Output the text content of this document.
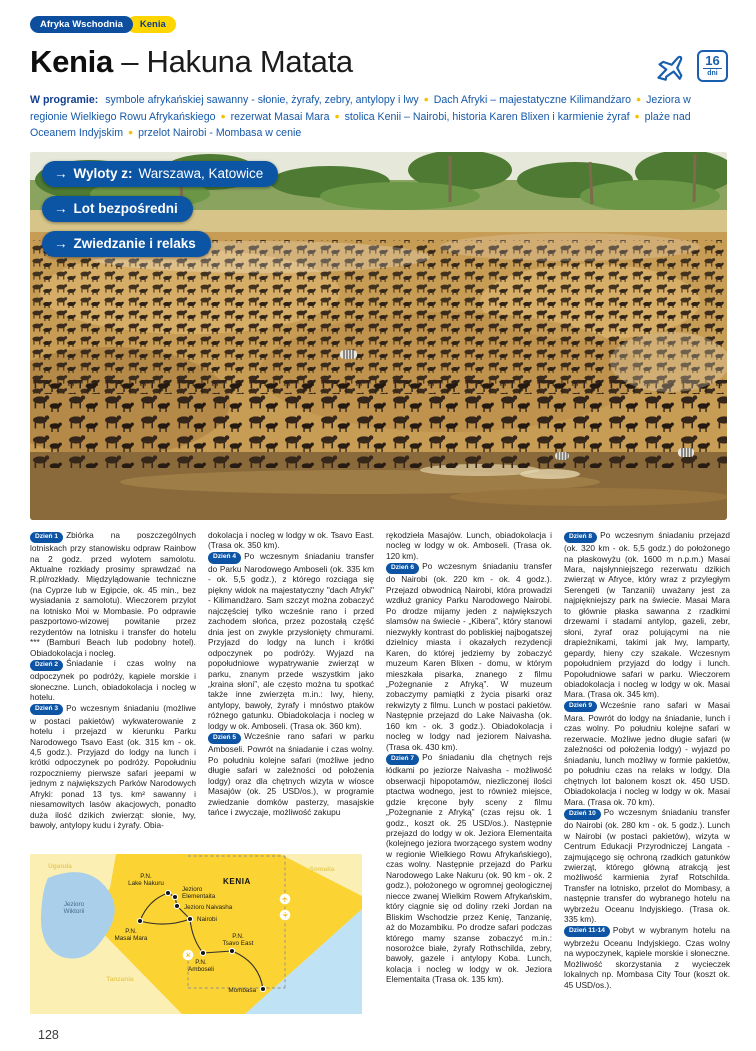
Afryka Wschodnia	Kenia
Kenia – Hakuna Matata	16
dni
W programie: symbole afrykańskiej sawanny - słonie, żyrafy, zebry, antylopy i lwy ● Dach Afryki – majestatyczne Kilimandżaro ● Jeziora w regionie Wielkiego Rowu Afrykańskiego ● rezerwat Masai Mara ● stolica Kenii – Nairobi, historia Karen Blixen i karmienie żyraf ● plaże nad Oceanem Indyjskim ● przelot Nairobi - Mombasa w cenie
→ Wyloty z: Warszawa, Katowice
→ Lot bezpośredni
→ Zwiedzanie i relaks

Dzień 1 Zbiórka na poszczególnych lotniskach przy stanowisku odpraw Rainbow na 2 godz. przed wylotem samolotu. Aktualne rozkłady prosimy sprawdzać na R.pl/rozkłady. Międzylądowanie techniczne (na Cyprze lub w Egipcie, ok. 45 min., bez wysiadania z samolotu). Wieczorem przylot na lotnisko Moi w Mombasie. Po odprawie paszportowo-wizowej powitanie przez rezydentów na lotnisku i transfer do hotelu *** (Bamburi Beach lub podobny hotel). Obiadokolacja i nocleg.

Dzień 2 Śniadanie i czas wolny na odpoczynek po podróży, kąpiele morskie i słoneczne. Lunch, obiadokolacja i nocleg w hotelu.

Dzień 3 Po wczesnym śniadaniu (możliwe w postaci pakietów) wykwaterowanie z hotelu i przejazd w kierunku Parku Narodowego Tsavo East (ok. 315 km - ok. 4,5 godz.). Przyjazd do lodgy na lunch i krótki odpoczynek po podróży. Popołudniu rozpoczniemy pierwsze safari jeepami w jednym z największych Parków Narodowych Afryki: ponad 13 tys. km² sawanny i niesamowitych lasów akacjowych, ponadto duża ilość dzikich zwierząt: słonie, lwy, bawoły, antylopy kudu i żyrafy. Obia-

dokolacja i nocleg w lodgy w ok. Tsavo East. (Trasa ok. 350 km).

Dzień 4 Po wczesnym śniadaniu transfer do Parku Narodowego Amboseli (ok. 335 km - ok. 5,5 godz.), z którego rozciąga się piękny widok na majestatyczny "dach Afryki" - Kilimandżaro. Sam szczyt można zobaczyć najczęściej tylko wcześnie rano i przed zachodem słońca, przez pozostałą część dnia jest on zwykle przysłonięty chmurami. Przyjazd do lodgy na lunch i krótki odpoczynek po podróży. Wyjazd na popołudniowe wypatrywanie zwierząt w parku, znanym przede wszystkim jako „kraina słoni”, ale często można tu spotkać także inne zwierzęta m.in.: lwy, hieny, antylopy, bawoły, żyrafy i mnóstwo ptaków różnego gatunku. Obiadokolacja i nocleg w lodgy w ok. Amboseli. (Trasa ok. 360 km).

Dzień 5 Wcześnie rano safari w parku Amboseli. Powrót na śniadanie i czas wolny. Po południu kolejne safari (możliwe jedno długie safari w zależności od położenia lodgy) oraz dla chętnych wizyta w wiosce Masajów (ok. 25 USD/os.), w programie zwiedzanie domków pasterzy, masajskie tańce i zwyczaje, możliwość zakupu

Uganda	Somalia
Tanzania
KENIA
Jezioro
Wiktorii
P.N.
Lake Nakuru
Jezioro
Elementaita
Jezioro Naivasha
Nairobi
P.N.
Masai Mara	P.N.
Tsavo East
P.N.
Amboseli
Mombasa
✈
✈
✈

rękodzieła Masajów. Lunch, obiadokolacja i nocleg w lodgy w ok. Amboseli. (Trasa ok. 120 km).

Dzień 6 Po wczesnym śniadaniu transfer do Nairobi (ok. 220 km - ok. 4 godz.). Przejazd obwodnicą Nairobi, która prowadzi wzdłuż granicy Parku Narodowego Nairobi. Po drodze mijamy jeden z największych slamsów na świecie - „Kibera”, który stanowi niezwykły kontrast do pobliskiej najbogatszej dzielnicy miasta i okazałych rezydencji Karen, do której jedziemy by zobaczyć muzeum Karen Blixen - domu, w którym mieszkała pisarka, znanego z filmu „Pożegnanie z Afryką”. W muzeum zobaczymy pamiątki z życia pisarki oraz rekwizyty z filmu. Lunch w postaci pakietów. Następnie przejazd do Lake Naivasha (ok. 160 km - ok. 3 godz.). Obiadokolacja i nocleg w lodgy nad jeziorem Naivasha. (Trasa ok. 430 km).

Dzień 7 Po śniadaniu dla chętnych rejs łódkami po jeziorze Naivasha - możliwość obserwacji hipopotamów, niezliczonej ilości ptactwa wodnego, jest to również miejsce, gdzie kręcone były sceny z filmu „Pożegnanie z Afryką” (czas rejsu ok. 1 godz., koszt ok. 25 USD/os.). Następnie przejazd do lodgy w ok. Jeziora Elementaita (kolejnego jeziora tworzącego system wodny w regionie Wielkiego Rowu Afrykańskiego), czas wolny. Następnie przejazd do Parku Narodowego Lake Nakuru (ok. 90 km - ok. 2 godz.), położonego w ogromnej geologicznej niecce zwanej Wielkim Rowem Afrykańskim, który ciągnie się od doliny rzeki Jordan na Bliskim Wschodzie przez Kenię, Tanzanię, aż do Mozambiku. Po drodze safari podczas którego mamy szanse zobaczyć m.in.: nosorożce białe, żyrafy Rothschilda, zebry, bawoły, gazele i antylopy Koba. Lunch, kolacja i nocleg w lodgy w ok. Jeziora Elementaita (Trasa ok. 135 km).

Dzień 8 Po wczesnym śniadaniu przejazd (ok. 320 km - ok. 5,5 godz.) do położonego na płaskowyżu (ok. 1600 m n.p.m.) Masai Mara, najsłynniejszego rezerwatu dzikich zwierząt w Afryce, który wraz z przyległym Serengeti (w Tanzanii) uważany jest za najpiękniejszy park na świecie. Masai Mara to głównie płaska sawanna z rzadkimi drzewami i stadami antylop, gazeli, zebr, słoni, żyraf oraz polującymi na nie drapieżnikami, takimi jak lwy, lamparty, gepardy, hieny czy szakale. Wczesnym popołudniem przyjazd do lodgy i lunch. Popołudniowe safari w parku. Wieczorem obiadokolacja i nocleg w lodgy w ok. Masai Mara. (Trasa ok. 345 km).

Dzień 9 Wcześnie rano safari w Masai Mara. Powrót do lodgy na śniadanie, lunch i czas wolny. Po południu kolejne safari w rezerwacie. Możliwe jedno długie safari (w zależności od położenia lodgy) - wyjazd po śniadaniu, lunch możliwy w formie pakietów, po południu czas na relaks w lodgy. Dla chętnych lot balonem koszt ok. 450 USD. Obiadokolacja i nocleg w lodgy w ok. Masai Mara. (Trasa ok. 70 km).

Dzień 10 Po wczesnym śniadaniu transfer do Nairobi (ok. 280 km - ok. 5 godz.). Lunch w Nairobi (w postaci pakietów), wizyta w Centrum Edukacji Przyrodniczej Langata - zajmującego się ochroną rzadkich gatunków zwierząt, którego główną atrakcją jest możliwość karmienia żyraf Rotschilda. Transfer na lotnisko, przelot do Mombasy, a następnie transfer do wybranego hotelu na wybrzeżu Oceanu Indyjskiego. (Trasa ok. 335 km).

Dzień 11-14 Pobyt w wybranym hotelu na wybrzeżu Oceanu Indyjskiego. Czas wolny na wypoczynek, kąpiele morskie i słoneczne. Możliwość skorzystania z wycieczek lokalnych np. Mombasa City Tour (koszt ok. 45 USD/os.).

128
